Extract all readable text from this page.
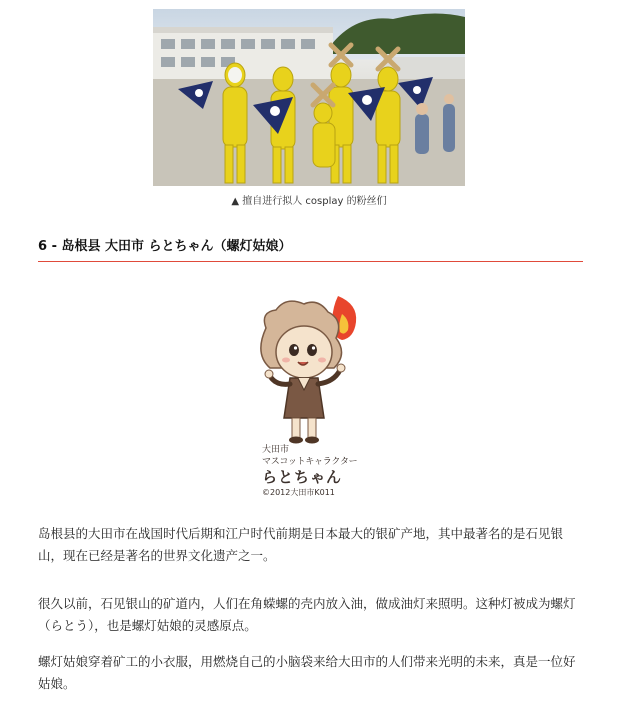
▲ 擅自进行拟人 cosplay 的粉丝们
6 - 岛根县 大田市 らとちゃん（螺灯姑娘）
大田市
マスコットキャラクター
らとちゃん
©2012大田市K011

岛根县的大田市在战国时代后期和江户时代前期是日本最大的银矿产地，其中最著名的是石见银山，现在已经是著名的世界文化遗产之一。

很久以前，石见银山的矿道内，人们在角蝾螺的壳内放入油，做成油灯来照明。这种灯被成为螺灯（らとう），也是螺灯姑娘的灵感原点。

螺灯姑娘穿着矿工的小衣服，用燃烧自己的小脑袋来给大田市的人们带来光明的未来，真是一位好姑娘。
